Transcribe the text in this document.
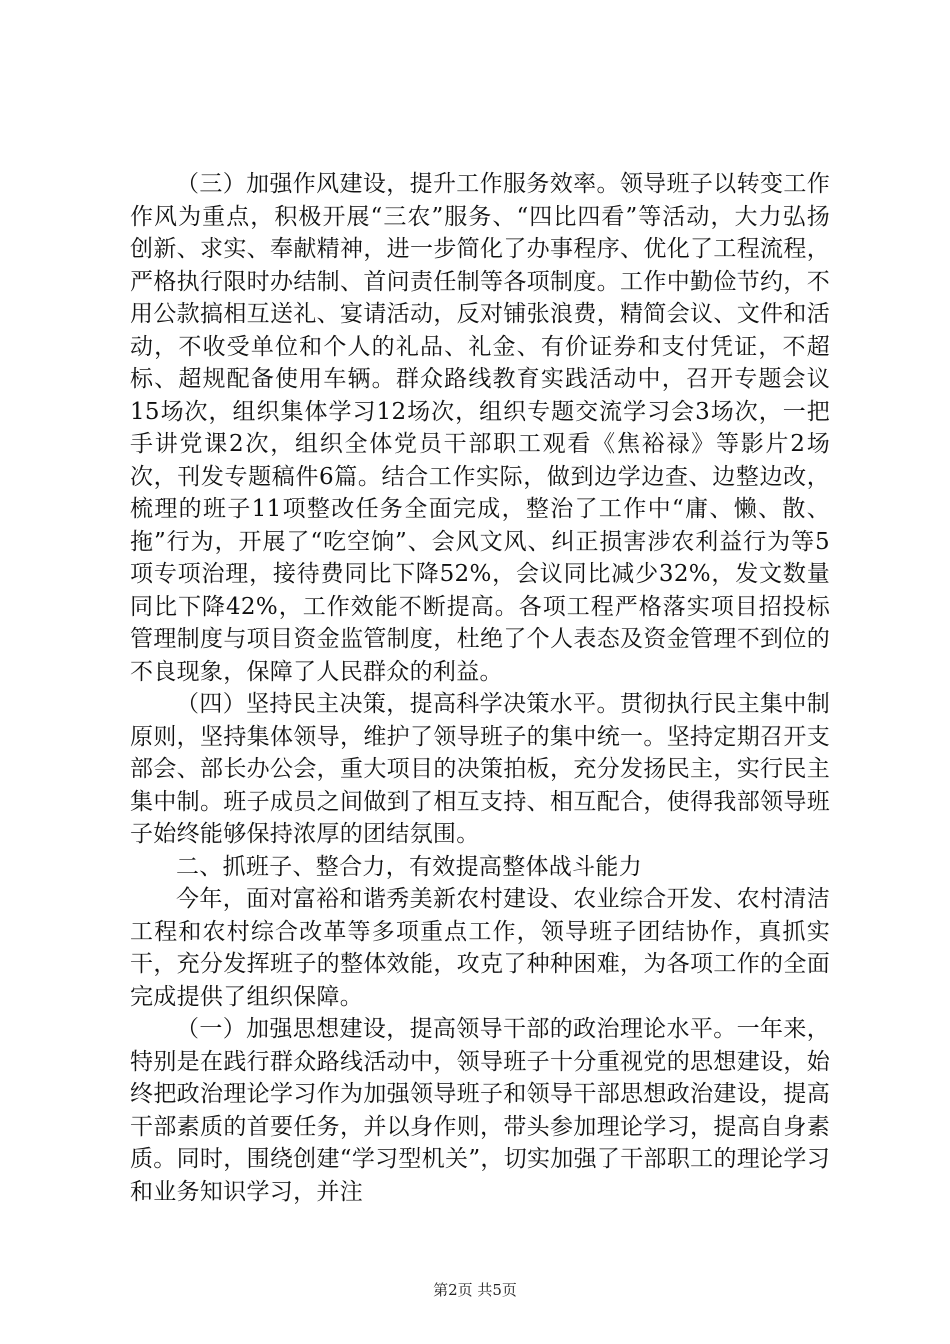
（三）加强作风建设，提升工作服务效率。领导班子以转变工作作风为重点，积极开展“三农”服务、“四比四看”等活动，大力弘扬创新、求实、奉献精神，进一步简化了办事程序、优化了工程流程，严格执行限时办结制、首问责任制等各项制度。工作中勤俭节约，不用公款搞相互送礼、宴请活动，反对铺张浪费，精简会议、文件和活动，不收受单位和个人的礼品、礼金、有价证券和支付凭证，不超标、超规配备使用车辆。群众路线教育实践活动中，召开专题会议15场次，组织集体学习12场次，组织专题交流学习会3场次，一把手讲党课2次，组织全体党员干部职工观看《焦裕禄》等影片2场次，刊发专题稿件6篇。结合工作实际，做到边学边查、边整边改，梳理的班子11项整改任务全面完成，整治了工作中“庸、懒、散、拖”行为，开展了“吃空饷”、会风文风、纠正损害涉农利益行为等5项专项治理，接待费同比下降52%，会议同比减少32%，发文数量同比下降42%，工作效能不断提高。各项工程严格落实项目招投标管理制度与项目资金监管制度，杜绝了个人表态及资金管理不到位的不良现象，保障了人民群众的利益。

（四）坚持民主决策，提高科学决策水平。贯彻执行民主集中制原则，坚持集体领导，维护了领导班子的集中统一。坚持定期召开支部会、部长办公会，重大项目的决策拍板，充分发扬民主，实行民主集中制。班子成员之间做到了相互支持、相互配合，使得我部领导班子始终能够保持浓厚的团结氛围。

二、抓班子、整合力，有效提高整体战斗能力

今年，面对富裕和谐秀美新农村建设、农业综合开发、农村清洁工程和农村综合改革等多项重点工作，领导班子团结协作，真抓实干，充分发挥班子的整体效能，攻克了种种困难，为各项工作的全面完成提供了组织保障。

（一）加强思想建设，提高领导干部的政治理论水平。一年来，特别是在践行群众路线活动中，领导班子十分重视党的思想建设，始终把政治理论学习作为加强领导班子和领导干部思想政治建设，提高干部素质的首要任务，并以身作则，带头参加理论学习，提高自身素质。同时，围绕创建“学习型机关”，切实加强了干部职工的理论学习和业务知识学习，并注

第2页 共5页
